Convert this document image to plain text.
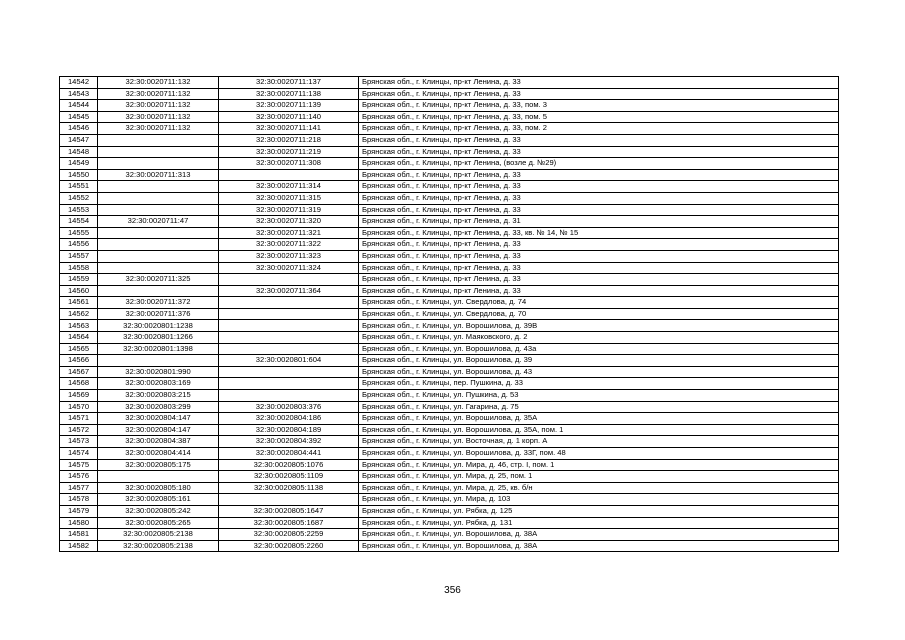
14542	32:30:0020711:132	32:30:0020711:137	Брянская обл., г. Клинцы, пр-кт Ленина, д. 33
14543	32:30:0020711:132	32:30:0020711:138	Брянская обл., г. Клинцы, пр-кт Ленина, д. 33
14544	32:30:0020711:132	32:30:0020711:139	Брянская обл., г. Клинцы, пр-кт Ленина, д. 33, пом. 3
14545	32:30:0020711:132	32:30:0020711:140	Брянская обл., г. Клинцы, пр-кт Ленина, д. 33, пом. 5
14546	32:30:0020711:132	32:30:0020711:141	Брянская обл., г. Клинцы, пр-кт Ленина, д. 33, пом. 2
14547		32:30:0020711:218	Брянская обл., г. Клинцы, пр-кт Ленина, д. 33
14548		32:30:0020711:219	Брянская обл., г. Клинцы, пр-кт Ленина, д. 33
14549		32:30:0020711:308	Брянская обл., г. Клинцы, пр-кт Ленина, (возле д. №29)
14550	32:30:0020711:313		Брянская обл., г. Клинцы, пр-кт Ленина, д. 33
14551		32:30:0020711:314	Брянская обл., г. Клинцы, пр-кт Ленина, д. 33
14552		32:30:0020711:315	Брянская обл., г. Клинцы, пр-кт Ленина, д. 33
14553		32:30:0020711:319	Брянская обл., г. Клинцы, пр-кт Ленина, д. 33
14554	32:30:0020711:47	32:30:0020711:320	Брянская обл., г. Клинцы, пр-кт Ленина, д. 31
14555		32:30:0020711:321	Брянская обл., г. Клинцы, пр-кт Ленина, д. 33, кв. № 14, № 15
14556		32:30:0020711:322	Брянская обл., г. Клинцы, пр-кт Ленина, д. 33
14557		32:30:0020711:323	Брянская обл., г. Клинцы, пр-кт Ленина, д. 33
14558		32:30:0020711:324	Брянская обл., г. Клинцы, пр-кт Ленина, д. 33
14559	32:30:0020711:325		Брянская обл., г. Клинцы, пр-кт Ленина, д. 33
14560		32:30:0020711:364	Брянская обл., г. Клинцы, пр-кт Ленина, д. 33
14561	32:30:0020711:372		Брянская обл., г. Клинцы, ул. Свердлова, д. 74
14562	32:30:0020711:376		Брянская обл., г. Клинцы, ул. Свердлова, д. 70
14563	32:30:0020801:1238		Брянская обл., г. Клинцы, ул. Ворошилова, д. 39В
14564	32:30:0020801:1266		Брянская обл., г. Клинцы, ул. Маяковского, д. 2
14565	32:30:0020801:1398		Брянская обл., г. Клинцы, ул. Ворошилова, д. 43а
14566		32:30:0020801:604	Брянская обл., г. Клинцы, ул. Ворошилова, д. 39
14567	32:30:0020801:990		Брянская обл., г. Клинцы, ул. Ворошилова, д. 43
14568	32:30:0020803:169		Брянская обл., г. Клинцы, пер. Пушкина, д. 33
14569	32:30:0020803:215		Брянская обл., г. Клинцы, ул. Пушкина, д. 53
14570	32:30:0020803:299	32:30:0020803:376	Брянская обл., г. Клинцы, ул. Гагарина, д. 75
14571	32:30:0020804:147	32:30:0020804:186	Брянская обл., г. Клинцы, ул. Ворошилова, д. 35А
14572	32:30:0020804:147	32:30:0020804:189	Брянская обл., г. Клинцы, ул. Ворошилова, д. 35А, пом. 1
14573	32:30:0020804:387	32:30:0020804:392	Брянская обл., г. Клинцы, ул. Восточная, д. 1 корп. А
14574	32:30:0020804:414	32:30:0020804:441	Брянская обл., г. Клинцы, ул. Ворошилова, д. 33Г, пом. 48
14575	32:30:0020805:175	32:30:0020805:1076	Брянская обл., г. Клинцы, ул. Мира, д. 46, стр. I, пом. 1
14576		32:30:0020805:1109	Брянская обл., г. Клинцы, ул. Мира, д. 25, пом. 1
14577	32:30:0020805:180	32:30:0020805:1138	Брянская обл., г. Клинцы, ул. Мира, д. 25, кв. б/н
14578	32:30:0020805:161		Брянская обл., г. Клинцы, ул. Мира, д. 103
14579	32:30:0020805:242	32:30:0020805:1647	Брянская обл., г. Клинцы, ул. Рябка, д. 125
14580	32:30:0020805:265	32:30:0020805:1687	Брянская обл., г. Клинцы, ул. Рябка, д. 131
14581	32:30:0020805:2138	32:30:0020805:2259	Брянская обл., г. Клинцы, ул. Ворошилова, д. 38А
14582	32:30:0020805:2138	32:30:0020805:2260	Брянская обл., г. Клинцы, ул. Ворошилова, д. 38А
356
